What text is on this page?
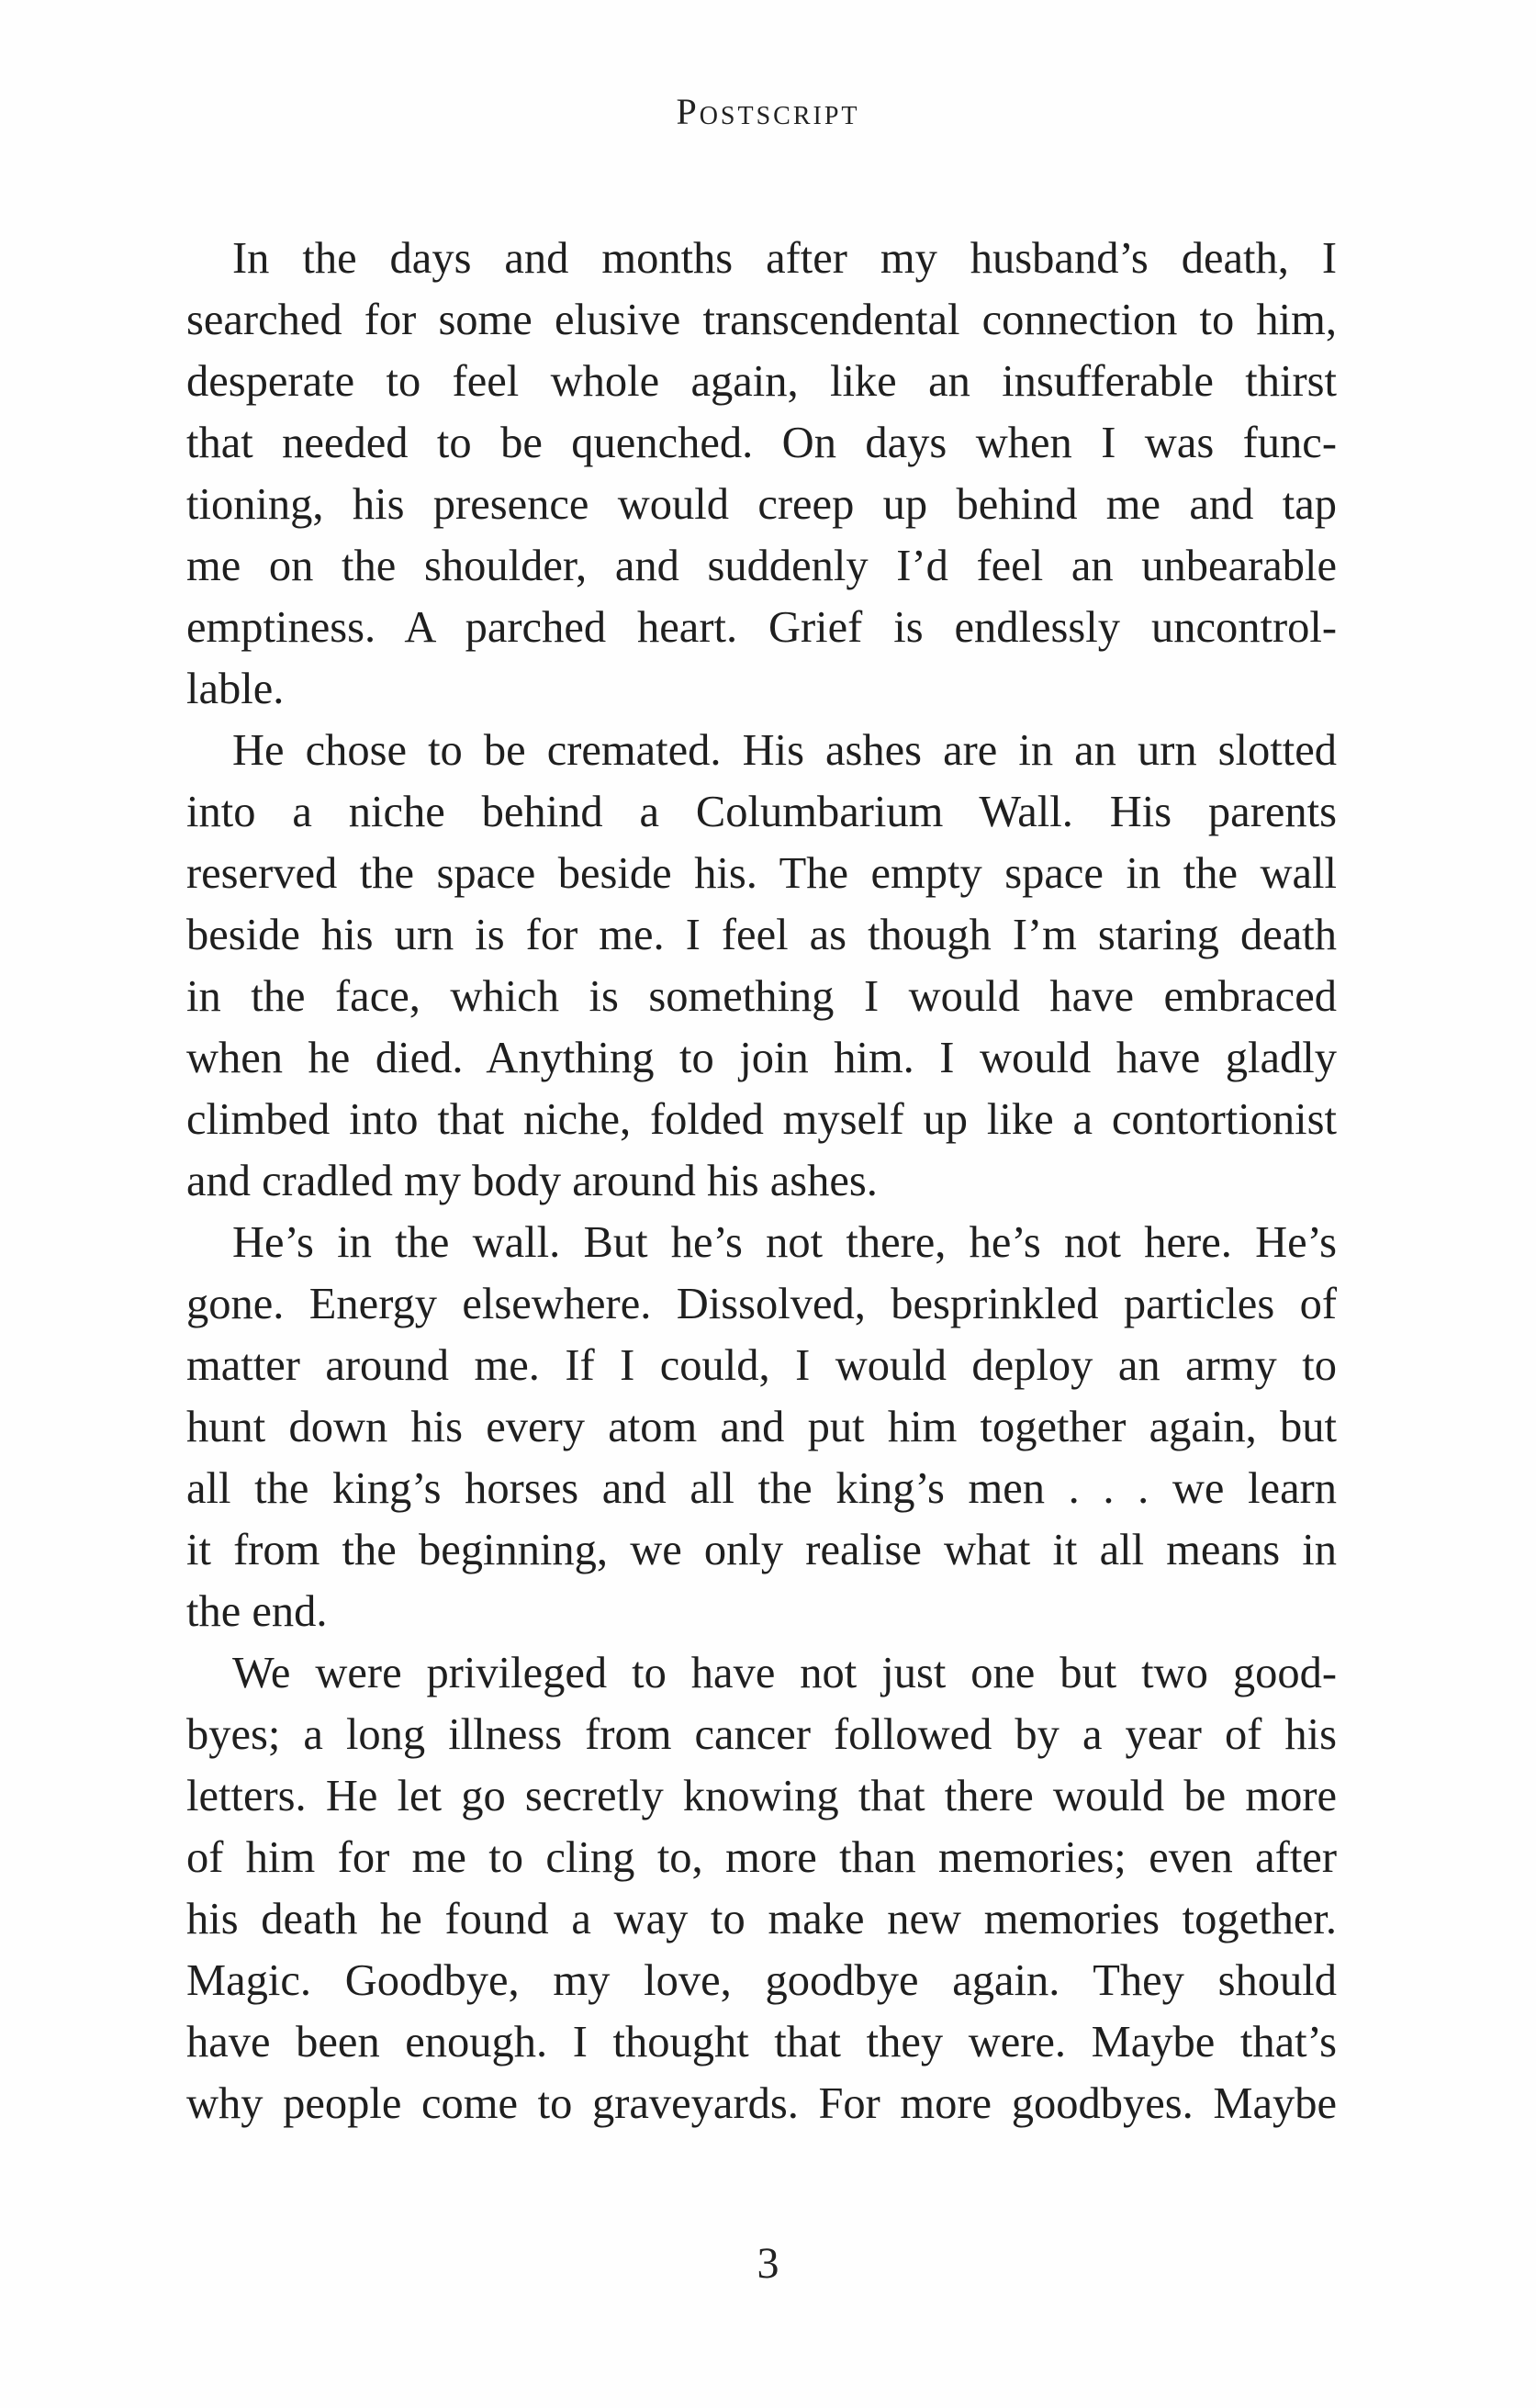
Postscript
In the days and months after my husband’s death, I
searched for some elusive transcendental connection to him,
desperate to feel whole again, like an insufferable thirst
that needed to be quenched. On days when I was func-
tioning, his presence would creep up behind me and tap
me on the shoulder, and suddenly I’d feel an unbearable
emptiness. A parched heart. Grief is endlessly uncontrol-
lable.
He chose to be cremated. His ashes are in an urn slotted
into a niche behind a Columbarium Wall. His parents
reserved the space beside his. The empty space in the wall
beside his urn is for me. I feel as though I’m staring death
in the face, which is something I would have embraced
when he died. Anything to join him. I would have gladly
climbed into that niche, folded myself up like a contortionist
and cradled my body around his ashes.
He’s in the wall. But he’s not there, he’s not here. He’s
gone. Energy elsewhere. Dissolved, besprinkled particles of
matter around me. If I could, I would deploy an army to
hunt down his every atom and put him together again, but
all the king’s horses and all the king’s men . . . we learn
it from the beginning, we only realise what it all means in
the end.
We were privileged to have not just one but two good-
byes; a long illness from cancer followed by a year of his
letters. He let go secretly knowing that there would be more
of him for me to cling to, more than memories; even after
his death he found a way to make new memories together.
Magic. Goodbye, my love, goodbye again. They should
have been enough. I thought that they were. Maybe that’s
why people come to graveyards. For more goodbyes. Maybe
3
